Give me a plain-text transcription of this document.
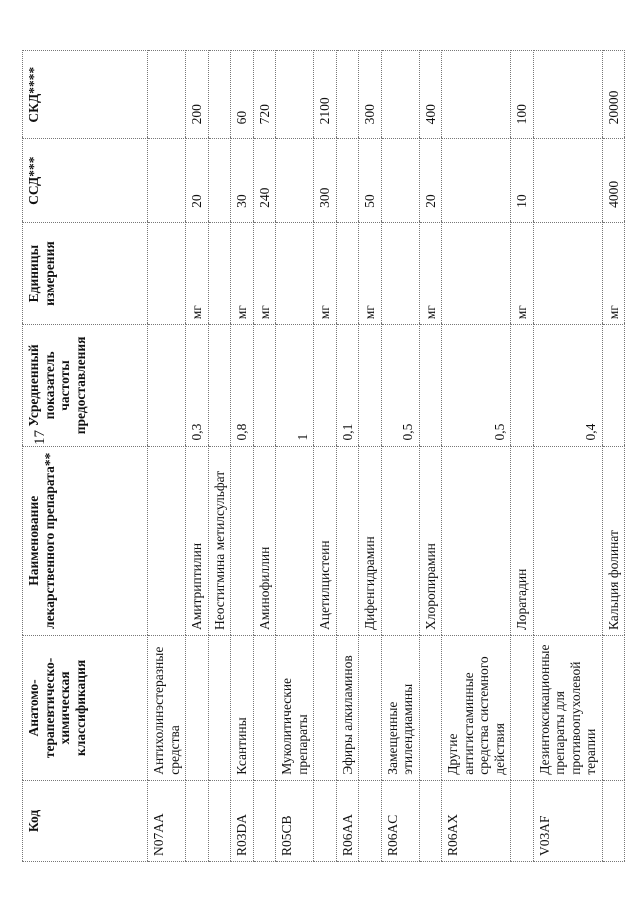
17
Код	Анатомо-терапевтическо-химическая классификация	Наименование лекарственного препарата**	Усредненный показатель частоты предоставления	Единицы измерения	ССД***	СКД****
N07AA	Антихолинэстеразные средства					
		Амитриптилин	0,3	мг	20	200
		Неостигмина метилсульфат				
R03DA	Ксантины		0,8	мг	30	60
		Аминофиллин		мг	240	720
R05CB	Муколитические препараты		1			
		Ацетилцистеин		мг	300	2100
R06AA	Эфиры алкиламинов		0,1			
		Дифенгидрамин		мг	50	300
R06AC	Замещенные этилендиамины		0,5			
		Хлоропирамин		мг	20	400
R06AX	Другие антигистаминные средства системного действия		0,5			
		Лоратадин		мг	10	100
V03AF	Дезинтоксикационные препараты для противоопухолевой терапии		0,4			
		Кальция фолинат		мг	4000	20000
